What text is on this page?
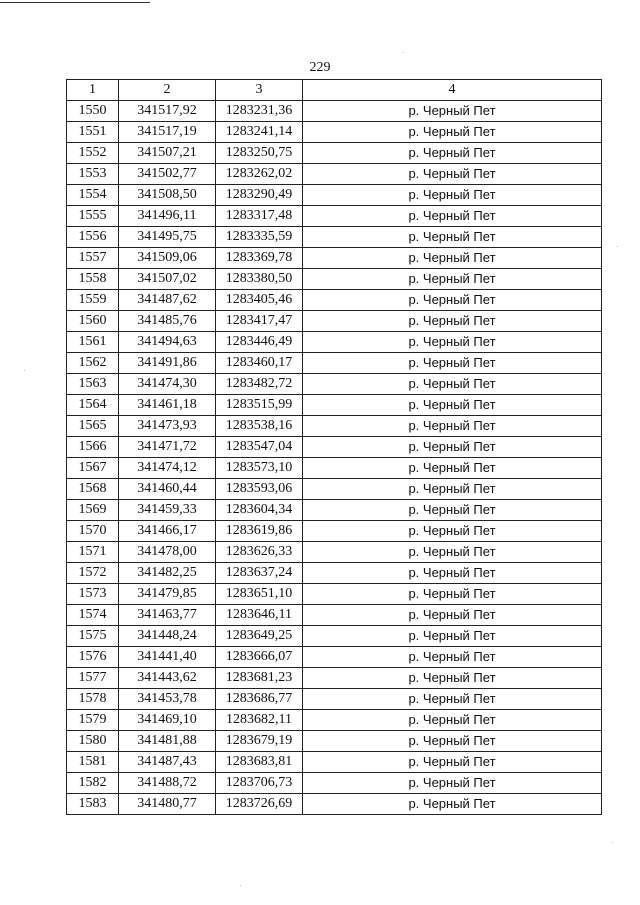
229
1	2	3	4
1550	341517,92	1283231,36	р. Черный Пет
1551	341517,19	1283241,14	р. Черный Пет
1552	341507,21	1283250,75	р. Черный Пет
1553	341502,77	1283262,02	р. Черный Пет
1554	341508,50	1283290,49	р. Черный Пет
1555	341496,11	1283317,48	р. Черный Пет
1556	341495,75	1283335,59	р. Черный Пет
1557	341509,06	1283369,78	р. Черный Пет
1558	341507,02	1283380,50	р. Черный Пет
1559	341487,62	1283405,46	р. Черный Пет
1560	341485,76	1283417,47	р. Черный Пет
1561	341494,63	1283446,49	р. Черный Пет
1562	341491,86	1283460,17	р. Черный Пет
1563	341474,30	1283482,72	р. Черный Пет
1564	341461,18	1283515,99	р. Черный Пет
1565	341473,93	1283538,16	р. Черный Пет
1566	341471,72	1283547,04	р. Черный Пет
1567	341474,12	1283573,10	р. Черный Пет
1568	341460,44	1283593,06	р. Черный Пет
1569	341459,33	1283604,34	р. Черный Пет
1570	341466,17	1283619,86	р. Черный Пет
1571	341478,00	1283626,33	р. Черный Пет
1572	341482,25	1283637,24	р. Черный Пет
1573	341479,85	1283651,10	р. Черный Пет
1574	341463,77	1283646,11	р. Черный Пет
1575	341448,24	1283649,25	р. Черный Пет
1576	341441,40	1283666,07	р. Черный Пет
1577	341443,62	1283681,23	р. Черный Пет
1578	341453,78	1283686,77	р. Черный Пет
1579	341469,10	1283682,11	р. Черный Пет
1580	341481,88	1283679,19	р. Черный Пет
1581	341487,43	1283683,81	р. Черный Пет
1582	341488,72	1283706,73	р. Черный Пет
1583	341480,77	1283726,69	р. Черный Пет
